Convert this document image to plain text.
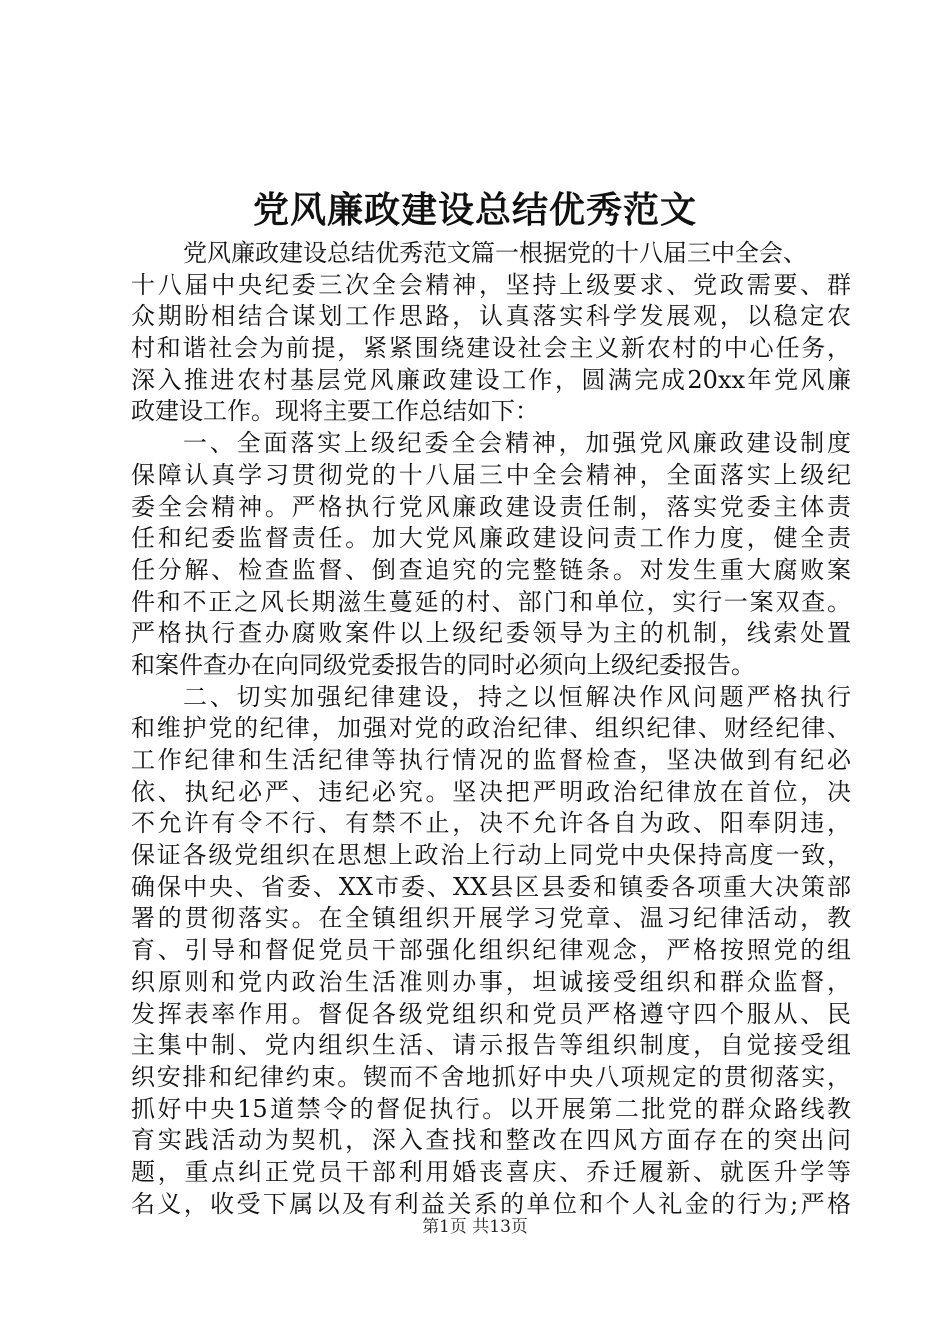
党风廉政建设总结优秀范文
党风廉政建设总结优秀范文篇一根据党的十八届三中全会、
十八届中央纪委三次全会精神，坚持上级要求、党政需要、群
众期盼相结合谋划工作思路，认真落实科学发展观，以稳定农
村和谐社会为前提，紧紧围绕建设社会主义新农村的中心任务，
深入推进农村基层党风廉政建设工作，圆满完成20xx年党风廉
政建设工作。现将主要工作总结如下：
一、全面落实上级纪委全会精神，加强党风廉政建设制度
保障认真学习贯彻党的十八届三中全会精神，全面落实上级纪
委全会精神。严格执行党风廉政建设责任制，落实党委主体责
任和纪委监督责任。加大党风廉政建设问责工作力度，健全责
任分解、检查监督、倒查追究的完整链条。对发生重大腐败案
件和不正之风长期滋生蔓延的村、部门和单位，实行一案双查。
严格执行查办腐败案件以上级纪委领导为主的机制，线索处置
和案件查办在向同级党委报告的同时必须向上级纪委报告。
二、切实加强纪律建设，持之以恒解决作风问题严格执行
和维护党的纪律，加强对党的政治纪律、组织纪律、财经纪律、
工作纪律和生活纪律等执行情况的监督检查，坚决做到有纪必
依、执纪必严、违纪必究。坚决把严明政治纪律放在首位，决
不允许有令不行、有禁不止，决不允许各自为政、阳奉阴违，
保证各级党组织在思想上政治上行动上同党中央保持高度一致，
确保中央、省委、XX市委、XX县区县委和镇委各项重大决策部
署的贯彻落实。在全镇组织开展学习党章、温习纪律活动，教
育、引导和督促党员干部强化组织纪律观念，严格按照党的组
织原则和党内政治生活准则办事，坦诚接受组织和群众监督，
发挥表率作用。督促各级党组织和党员严格遵守四个服从、民
主集中制、党内组织生活、请示报告等组织制度，自觉接受组
织安排和纪律约束。锲而不舍地抓好中央八项规定的贯彻落实，
抓好中央15道禁令的督促执行。以开展第二批党的群众路线教
育实践活动为契机，深入查找和整改在四风方面存在的突出问
题，重点纠正党员干部利用婚丧喜庆、乔迁履新、就医升学等
名义，收受下属以及有利益关系的单位和个人礼金的行为;严格
第1页 共13页
